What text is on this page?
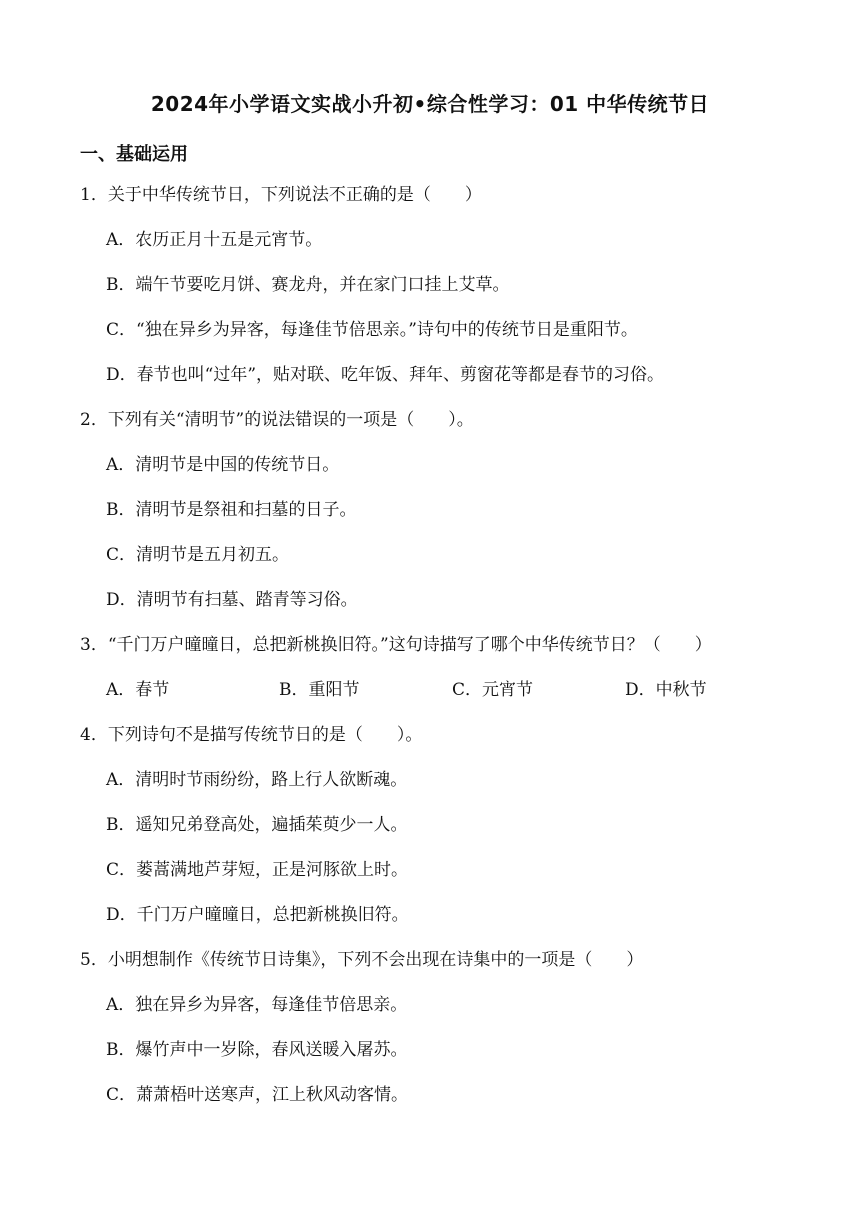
2024年小学语文实战小升初•综合性学习：01 中华传统节日
一、基础运用
1．关于中华传统节日，下列说法不正确的是（　　）
A．农历正月十五是元宵节。
B．端午节要吃月饼、赛龙舟，并在家门口挂上艾草。
C．“独在异乡为异客，每逢佳节倍思亲。”诗句中的传统节日是重阳节。
D．春节也叫“过年”，贴对联、吃年饭、拜年、剪窗花等都是春节的习俗。
2．下列有关“清明节”的说法错误的一项是（　　）。
A．清明节是中国的传统节日。
B．清明节是祭祖和扫墓的日子。
C．清明节是五月初五。
D．清明节有扫墓、踏青等习俗。
3．“千门万户曈曈日，总把新桃换旧符。”这句诗描写了哪个中华传统节日？（　　）
A．春节	B．重阳节	C．元宵节	D．中秋节
4．下列诗句不是描写传统节日的是（　　）。
A．清明时节雨纷纷，路上行人欲断魂。
B．遥知兄弟登高处，遍插茱萸少一人。
C．蒌蒿满地芦芽短，正是河豚欲上时。
D．千门万户曈曈日，总把新桃换旧符。
5．小明想制作《传统节日诗集》，下列不会出现在诗集中的一项是（　　）
A．独在异乡为异客，每逢佳节倍思亲。
B．爆竹声中一岁除，春风送暖入屠苏。
C．萧萧梧叶送寒声，江上秋风动客情。
